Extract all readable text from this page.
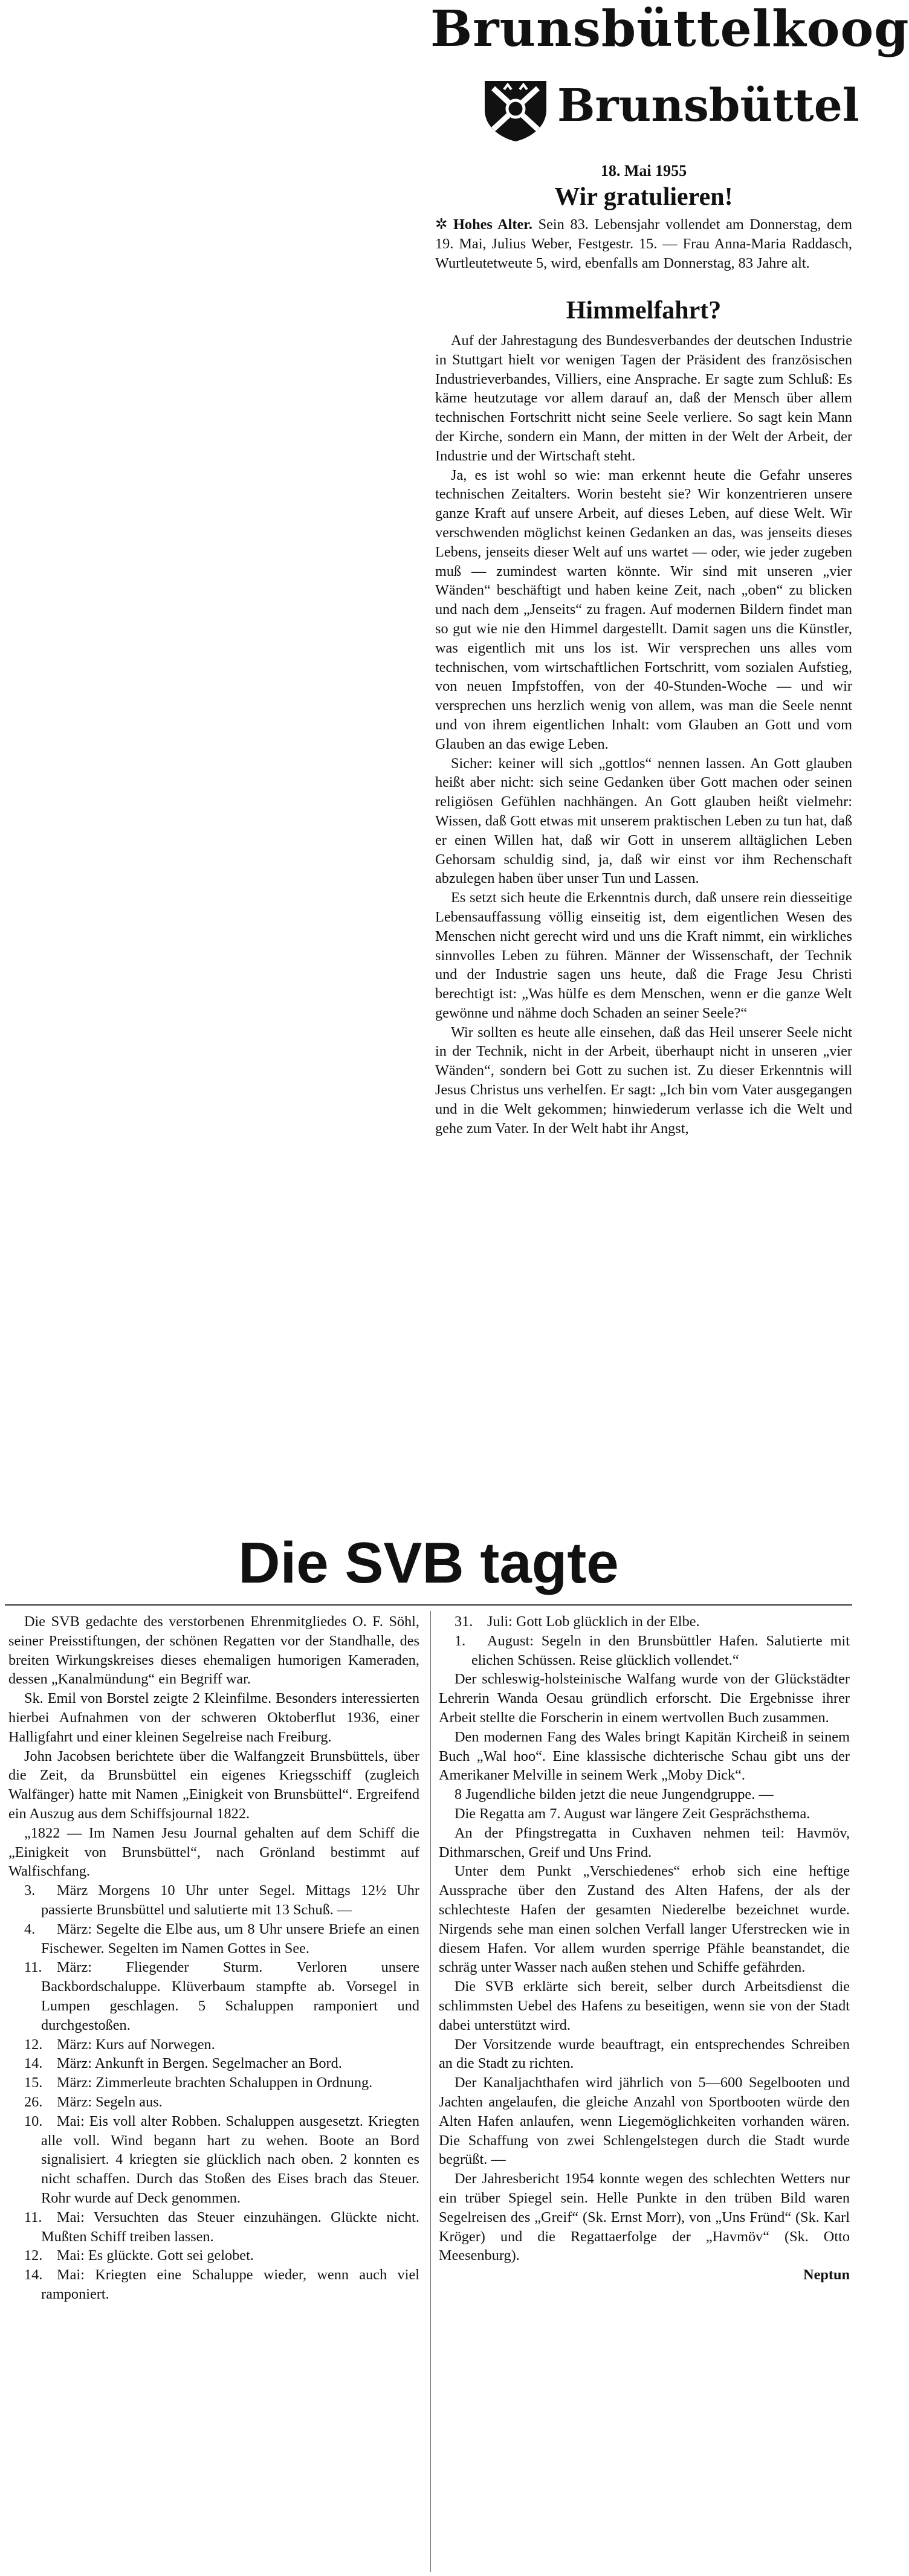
Brunsbüttelkoog
Brunsbüttel
18. Mai 1955
Wir gratulieren!

✲ Hohes Alter. Sein 83. Lebensjahr vollendet am Donnerstag, dem 19. Mai, Julius Weber, Festgestr. 15. — Frau Anna-Maria Raddasch, Wurtleutetweute 5, wird, ebenfalls am Donnerstag, 83 Jahre alt.

Himmelfahrt?

Auf der Jahrestagung des Bundesverbandes der deutschen Industrie in Stuttgart hielt vor wenigen Tagen der Präsident des französischen Industrieverbandes, Villiers, eine Ansprache. Er sagte zum Schluß: Es käme heutzutage vor allem darauf an, daß der Mensch über allem technischen Fortschritt nicht seine Seele verliere. So sagt kein Mann der Kirche, sondern ein Mann, der mitten in der Welt der Arbeit, der Industrie und der Wirtschaft steht.

Ja, es ist wohl so wie: man erkennt heute die Gefahr unseres technischen Zeitalters. Worin besteht sie? Wir konzentrieren unsere ganze Kraft auf unsere Arbeit, auf dieses Leben, auf diese Welt. Wir verschwenden möglichst keinen Gedanken an das, was jenseits dieses Lebens, jenseits dieser Welt auf uns wartet — oder, wie jeder zugeben muß — zumindest warten könnte. Wir sind mit unseren „vier Wänden“ beschäftigt und haben keine Zeit, nach „oben“ zu blicken und nach dem „Jenseits“ zu fragen. Auf modernen Bildern findet man so gut wie nie den Himmel dargestellt. Damit sagen uns die Künstler, was eigentlich mit uns los ist. Wir versprechen uns alles vom technischen, vom wirtschaftlichen Fortschritt, vom sozialen Aufstieg, von neuen Impfstoffen, von der 40-Stunden-Woche — und wir versprechen uns herzlich wenig von allem, was man die Seele nennt und von ihrem eigentlichen Inhalt: vom Glauben an Gott und vom Glauben an das ewige Leben.

Sicher: keiner will sich „gottlos“ nennen lassen. An Gott glauben heißt aber nicht: sich seine Gedanken über Gott machen oder seinen religiösen Gefühlen nachhängen. An Gott glauben heißt vielmehr: Wissen, daß Gott etwas mit unserem praktischen Leben zu tun hat, daß er einen Willen hat, daß wir Gott in unserem alltäglichen Leben Gehorsam schuldig sind, ja, daß wir einst vor ihm Rechenschaft abzulegen haben über unser Tun und Lassen.

Es setzt sich heute die Erkenntnis durch, daß unsere rein diesseitige Lebensauffassung völlig einseitig ist, dem eigentlichen Wesen des Menschen nicht gerecht wird und uns die Kraft nimmt, ein wirkliches sinnvolles Leben zu führen. Männer der Wissenschaft, der Technik und der Industrie sagen uns heute, daß die Frage Jesu Christi berechtigt ist: „Was hülfe es dem Menschen, wenn er die ganze Welt gewönne und nähme doch Schaden an seiner Seele?“

Wir sollten es heute alle einsehen, daß das Heil unserer Seele nicht in der Technik, nicht in der Arbeit, überhaupt nicht in unseren „vier Wänden“, sondern bei Gott zu suchen ist. Zu dieser Erkenntnis will Jesus Christus uns verhelfen. Er sagt: „Ich bin vom Vater ausgegangen und in die Welt gekommen; hinwiederum verlasse ich die Welt und gehe zum Vater. In der Welt habt ihr Angst,

Die SVB tagte

Die SVB gedachte des verstorbenen Ehrenmitgliedes O. F. Söhl, seiner Preisstiftungen, der schönen Regatten vor der Standhalle, des breiten Wirkungskreises dieses ehemaligen humorigen Kameraden, dessen „Kanalmündung“ ein Begriff war.

Sk. Emil von Borstel zeigte 2 Kleinfilme. Besonders interessierten hierbei Aufnahmen von der schweren Oktoberflut 1936, einer Halligfahrt und einer kleinen Segelreise nach Freiburg.

John Jacobsen berichtete über die Walfangzeit Brunsbüttels, über die Zeit, da Brunsbüttel ein eigenes Kriegsschiff (zugleich Walfänger) hatte mit Namen „Einigkeit von Brunsbüttel“. Ergreifend ein Auszug aus dem Schiffsjournal 1822.

„1822 — Im Namen Jesu Journal gehalten auf dem Schiff die „Einigkeit von Brunsbüttel“, nach Grönland bestimmt auf Walfischfang.

3. März Morgens 10 Uhr unter Segel. Mittags 12½ Uhr passierte Brunsbüttel und salutierte mit 13 Schuß. —

4. März: Segelte die Elbe aus, um 8 Uhr unsere Briefe an einen Fischewer. Segelten im Namen Gottes in See.

11. März: Fliegender Sturm. Verloren unsere Backbordschaluppe. Klüverbaum stampfte ab. Vorsegel in Lumpen geschlagen. 5 Schaluppen ramponiert und durchgestoßen.

12. März: Kurs auf Norwegen.

14. März: Ankunft in Bergen. Segelmacher an Bord.

15. März: Zimmerleute brachten Schaluppen in Ordnung.

26. März: Segeln aus.

10. Mai: Eis voll alter Robben. Schaluppen ausgesetzt. Kriegten alle voll. Wind begann hart zu wehen. Boote an Bord signalisiert. 4 kriegten sie glücklich nach oben. 2 konnten es nicht schaffen. Durch das Stoßen des Eises brach das Steuer. Rohr wurde auf Deck genommen.

11. Mai: Versuchten das Steuer einzuhängen. Glückte nicht. Mußten Schiff treiben lassen.

12. Mai: Es glückte. Gott sei gelobet.

14. Mai: Kriegten eine Schaluppe wieder, wenn auch viel ramponiert.

31. Juli: Gott Lob glücklich in der Elbe.

1. August: Segeln in den Brunsbüttler Hafen. Salutierte mit elichen Schüssen. Reise glücklich vollendet.“

Der schleswig-holsteinische Walfang wurde von der Glückstädter Lehrerin Wanda Oesau gründlich erforscht. Die Ergebnisse ihrer Arbeit stellte die Forscherin in einem wertvollen Buch zusammen.

Den modernen Fang des Wales bringt Kapitän Kircheiß in seinem Buch „Wal hoo“. Eine klassische dichterische Schau gibt uns der Amerikaner Melville in seinem Werk „Moby Dick“.

8 Jugendliche bilden jetzt die neue Jungendgruppe. —

Die Regatta am 7. August war längere Zeit Gesprächsthema.

An der Pfingstregatta in Cuxhaven nehmen teil: Havmöv, Dithmarschen, Greif und Uns Frind.

Unter dem Punkt „Verschiedenes“ erhob sich eine heftige Aussprache über den Zustand des Alten Hafens, der als der schlechteste Hafen der gesamten Niederelbe bezeichnet wurde. Nirgends sehe man einen solchen Verfall langer Uferstrecken wie in diesem Hafen. Vor allem wurden sperrige Pfähle beanstandet, die schräg unter Wasser nach außen stehen und Schiffe gefährden.

Die SVB erklärte sich bereit, selber durch Arbeitsdienst die schlimmsten Uebel des Hafens zu beseitigen, wenn sie von der Stadt dabei unterstützt wird.

Der Vorsitzende wurde beauftragt, ein entsprechendes Schreiben an die Stadt zu richten.

Der Kanaljachthafen wird jährlich von 5—600 Segelbooten und Jachten angelaufen, die gleiche Anzahl von Sportbooten würde den Alten Hafen anlaufen, wenn Liegemöglichkeiten vorhanden wären. Die Schaffung von zwei Schlengelstegen durch die Stadt wurde begrüßt. —

Der Jahresbericht 1954 konnte wegen des schlechten Wetters nur ein trüber Spiegel sein. Helle Punkte in den trüben Bild waren Segelreisen des „Greif“ (Sk. Ernst Morr), von „Uns Fründ“ (Sk. Karl Kröger) und die Regattaerfolge der „Havmöv“ (Sk. Otto Meesenburg).

Neptun
